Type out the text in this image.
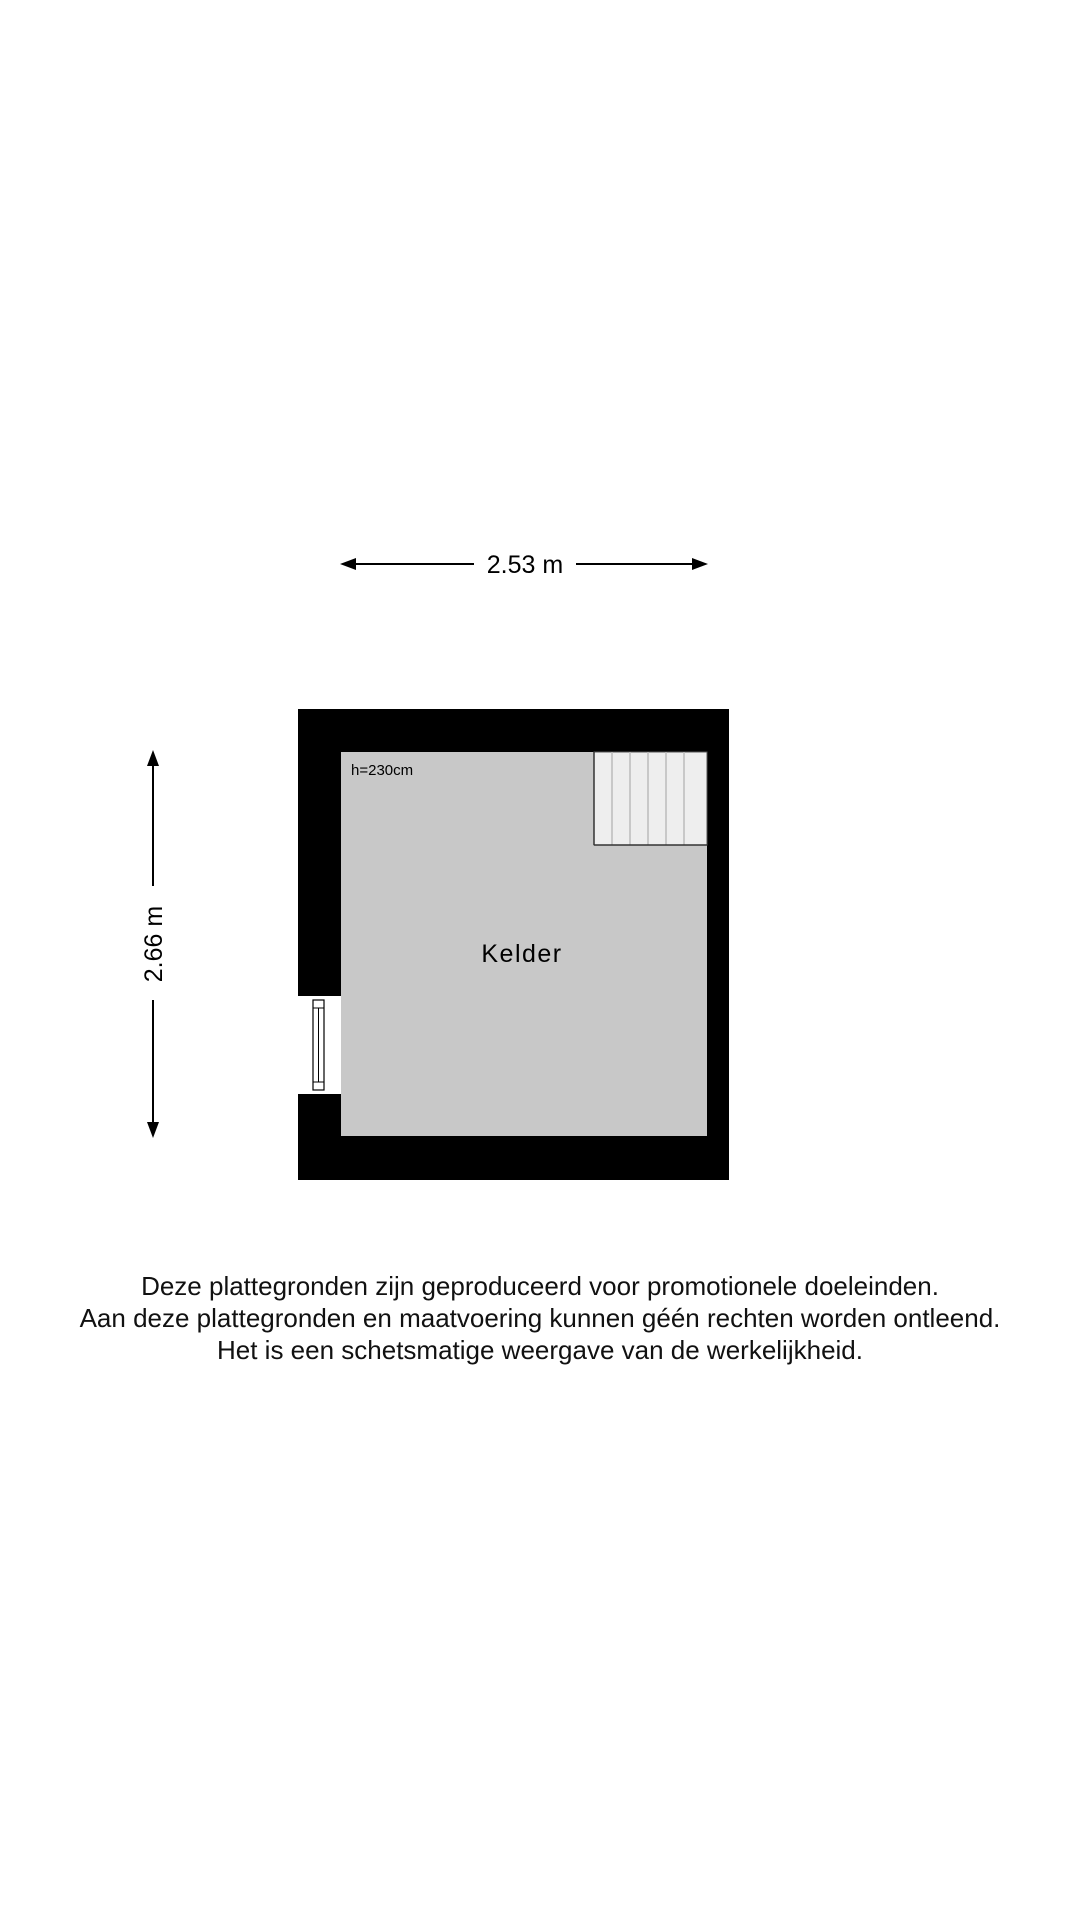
2.53 m
2.66 m
h=230cm
Kelder
Deze plattegronden zijn geproduceerd voor promotionele doeleinden.
Aan deze plattegronden en maatvoering kunnen géén rechten worden ontleend.
Het is een schetsmatige weergave van de werkelijkheid.
